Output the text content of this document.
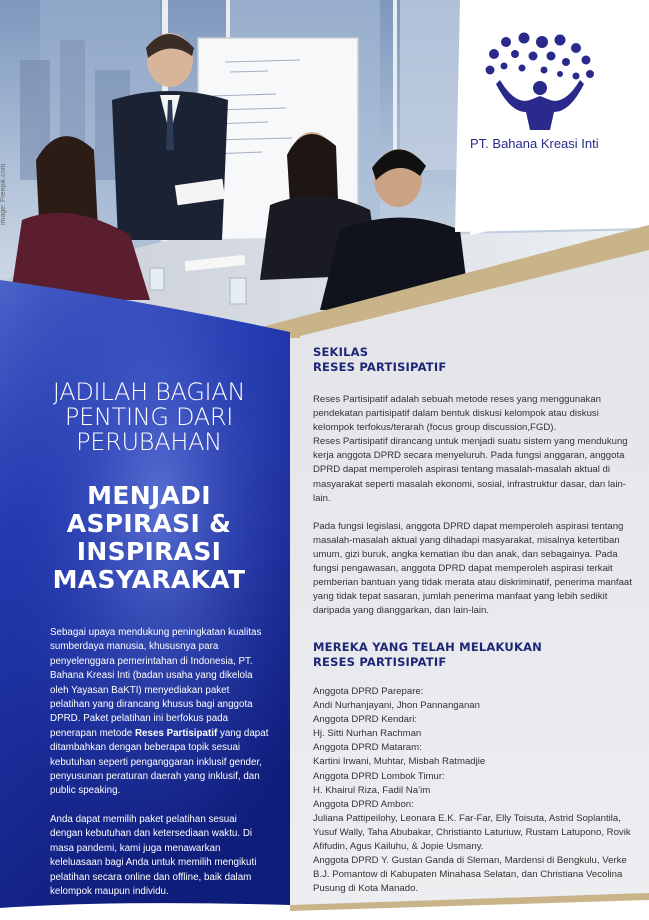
image: Freepik.com
PT. Bahana Kreasi Inti
JADILAH BAGIAN
PENTING DARI
PERUBAHAN
MENJADI
ASPIRASI &
INSPIRASI
MASYARAKAT

Sebagai upaya mendukung peningkatan kualitas sumberdaya manusia, khususnya para penyelenggara pemerintahan di Indonesia, PT. Bahana Kreasi Inti (badan usaha yang dikelola oleh Yayasan BaKTI) menyediakan paket pelatihan yang dirancang khusus bagi anggota DPRD. Paket pelatihan ini berfokus pada penerapan metode Reses Partisipatif yang dapat ditambahkan dengan beberapa topik sesuai kebutuhan seperti penganggaran inklusif gender, penyusunan peraturan daerah yang inklusif, dan public speaking.

Anda dapat memilih paket pelatihan sesuai dengan kebutuhan dan ketersediaan waktu. Di masa pandemi, kami juga menawarkan keleluasaan bagi Anda untuk memilih mengikuti pelatihan secara online dan offline, baik dalam kelompok maupun individu.

SEKILAS
RESES PARTISIPATIF

Reses Partisipatif adalah sebuah metode reses yang menggunakan pendekatan partisipatif dalam bentuk diskusi kelompok atau diskusi kelompok terfokus/terarah (focus group discussion,FGD).
Reses Partisipatif dirancang untuk menjadi suatu sistem yang mendukung kerja anggota DPRD secara menyeluruh. Pada fungsi anggaran, anggota DPRD dapat memperoleh aspirasi tentang masalah-masalah aktual di masyarakat seperti masalah ekonomi, sosial, infrastruktur dasar, dan lain-lain.

Pada fungsi legislasi, anggota DPRD dapat memperoleh aspirasi tentang masalah-masalah aktual yang dihadapi masyarakat, misalnya ketertiban umum, gizi buruk, angka kematian ibu dan anak, dan sebagainya. Pada fungsi pengawasan, anggota DPRD dapat memperoleh aspirasi terkait pemberian bantuan yang tidak merata atau diskriminatif, penerima manfaat yang tidak tepat sasaran, jumlah penerima manfaat yang lebih sedikit daripada yang dianggarkan, dan lain-lain.

MEREKA YANG TELAH MELAKUKAN
RESES PARTISIPATIF
Anggota DPRD Parepare:
Andi Nurhanjayani, Jhon Pannanganan
Anggota DPRD Kendari:
Hj. Sitti Nurhan Rachman
Anggota DPRD Mataram:
Kartini Irwani, Muhtar, Misbah Ratmadjie
Anggota DPRD Lombok Timur:
H. Khairul Riza, Fadil Na’im
Anggota DPRD Ambon:
Juliana Pattipeilohy, Leonara E.K. Far-Far, Elly Toisuta, Astrid Soplantila, Yusuf Wally, Taha Abubakar, Christianto Laturiuw, Rustam Latupono, Rovik Afifudin, Agus Kailuhu, & Jopie Usmany.
Anggota DPRD Y. Gustan Ganda di Sleman, Mardensi di Bengkulu, Verke B.J. Pomantow di Kabupaten Minahasa Selatan, dan Christiana Vecolina Pusung di Kota Manado.
